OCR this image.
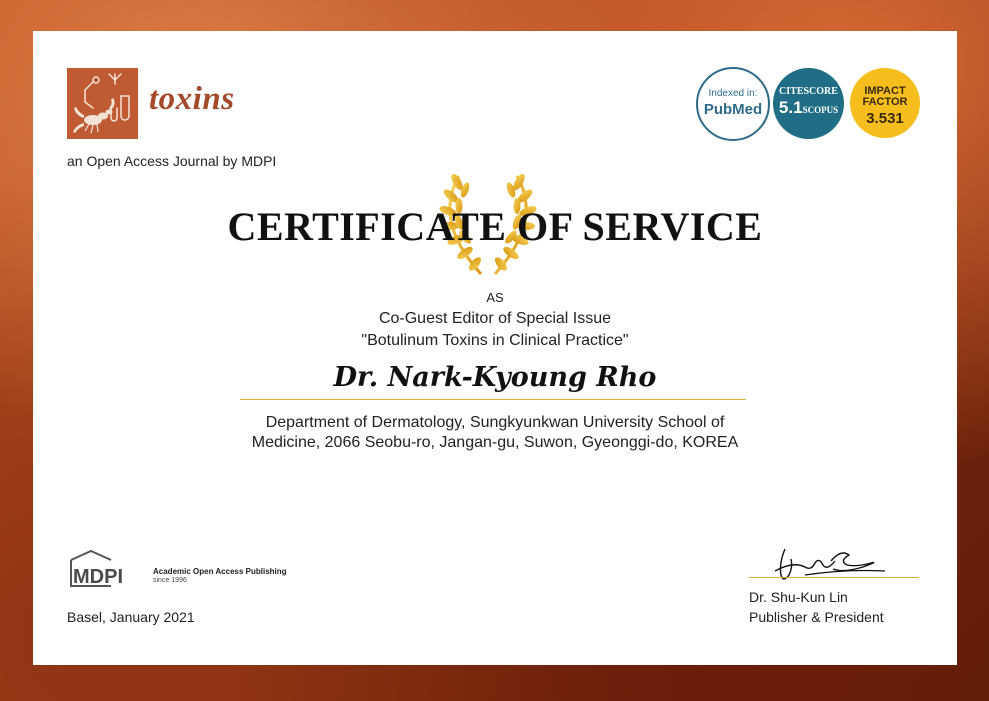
toxins
an Open Access Journal by MDPI
Indexed in:
PubMed
CITESCORE
5.1SCOPUS
IMPACT
FACTOR
3.531
CERTIFICATE OF SERVICE
AS
Co-Guest Editor of Special Issue
"Botulinum Toxins in Clinical Practice"
Dr. Nark-Kyoung Rho
Department of Dermatology, Sungkyunkwan University School of
Medicine, 2066 Seobu-ro, Jangan-gu, Suwon, Gyeonggi-do, KOREA
MDPI	Academic Open Access Publishing
since 1996
Basel, January 2021
Dr. Shu-Kun Lin
Publisher & President
